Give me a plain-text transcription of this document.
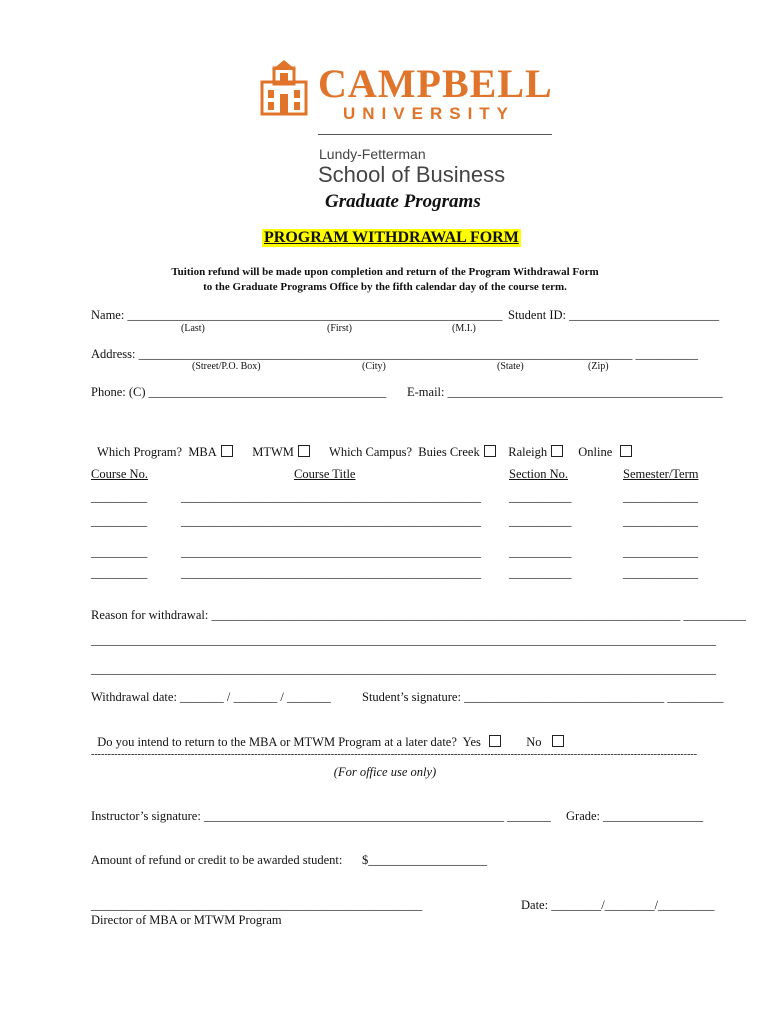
CAMPBELL
UNIVERSITY
Lundy-Fetterman
School of Business
Graduate Programs
PROGRAM WITHDRAWAL FORM
Tuition refund will be made upon completion and return of the Program Withdrawal Form
to the Graduate Programs Office by the fifth calendar day of the course term.
Name: ____________________________________________________________ Student ID: ________________________
(Last)	(First)	(M.I.)
Address: _______________________________________________________________________________ __________
(Street/P.O. Box)	(City)	(State)	(Zip)
Phone: (C) ______________________________________ E-mail: ____________________________________________

Which Program?  MBA	MTWM	Which Campus?  Buies Creek	Raleigh	Online

Course No.	Course Title	Section No.	Semester/Term
_________	________________________________________________ __________	____________
_________	________________________________________________ __________	____________
_________	________________________________________________ __________	____________
_________	________________________________________________ __________	____________
Reason for withdrawal: ___________________________________________________________________________ __________
____________________________________________________________________________________________________
____________________________________________________________________________________________________
Withdrawal date: _______ / _______ / _______	Student’s signature: ________________________________ _________

Do you intend to return to the MBA or MTWM Program at a later date?  Yes	No

--------------------------------------------------------------------------------------------------------------------------------------------------------------------------------------
(For office use only)
Instructor’s signature: ________________________________________________ _______ Grade: ________________
Amount of refund or credit to be awarded student: $___________________
_____________________________________________________
Director of MBA or MTWM Program
Date: ________/________/_________
